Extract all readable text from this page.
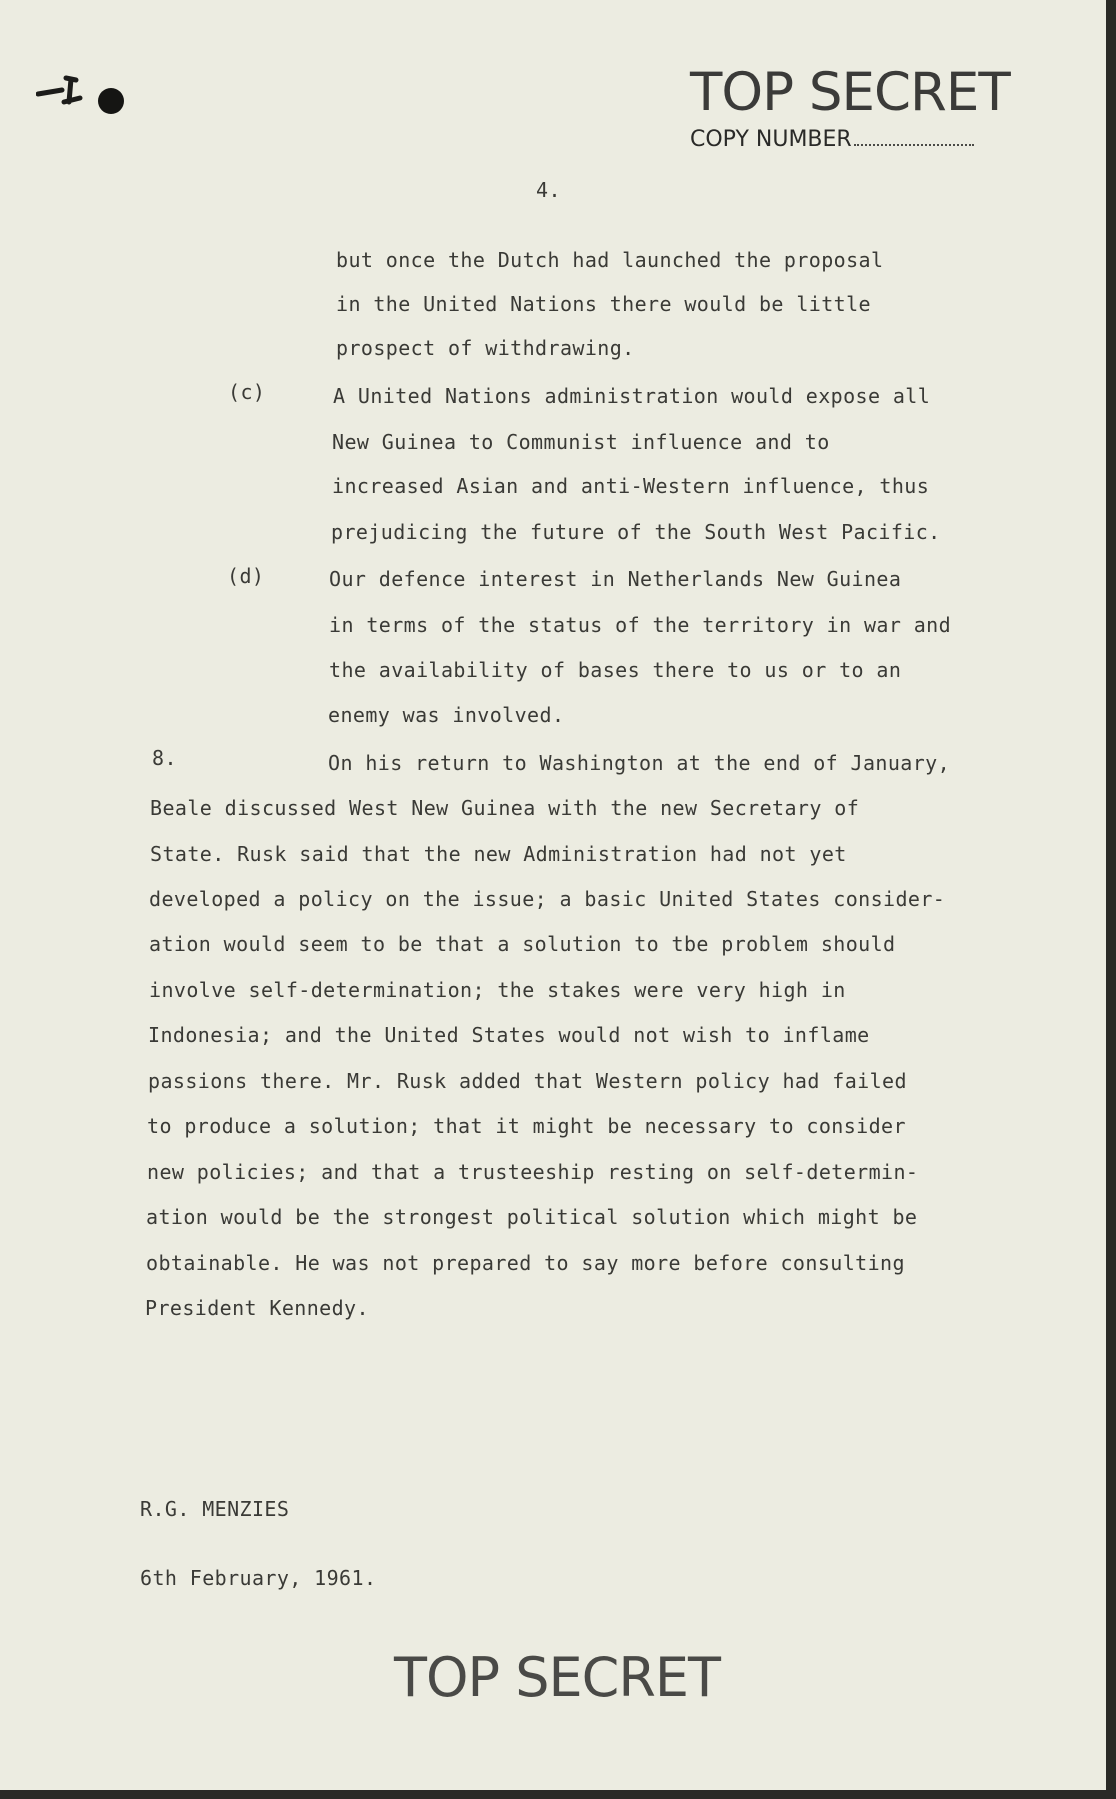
TOP SECRET
COPY NUMBER
4.
but once the Dutch had launched the proposal
in the United Nations there would be little
prospect of withdrawing.
(c)	A United Nations administration would expose all
New Guinea to Communist influence and to
increased Asian and anti-Western influence, thus
prejudicing the future of the South West Pacific.
(d)	Our defence interest in Netherlands New Guinea
in terms of the status of the territory in war and
the availability of bases there to us or to an
enemy was involved.
8.	On his return to Washington at the end of January,
Beale discussed West New Guinea with the new Secretary of
State. Rusk said that the new Administration had not yet
developed a policy on the issue; a basic United States consider-
ation would seem to be that a solution to tbe problem should
involve self-determination; the stakes were very high in
Indonesia; and the United States would not wish to inflame
passions there. Mr. Rusk added that Western policy had failed
to produce a solution; that it might be necessary to consider
new policies; and that a trusteeship resting on self-determin-
ation would be the strongest political solution which might be
obtainable. He was not prepared to say more before consulting
President Kennedy.
R.G. MENZIES
6th February, 1961.
TOP SECRET
